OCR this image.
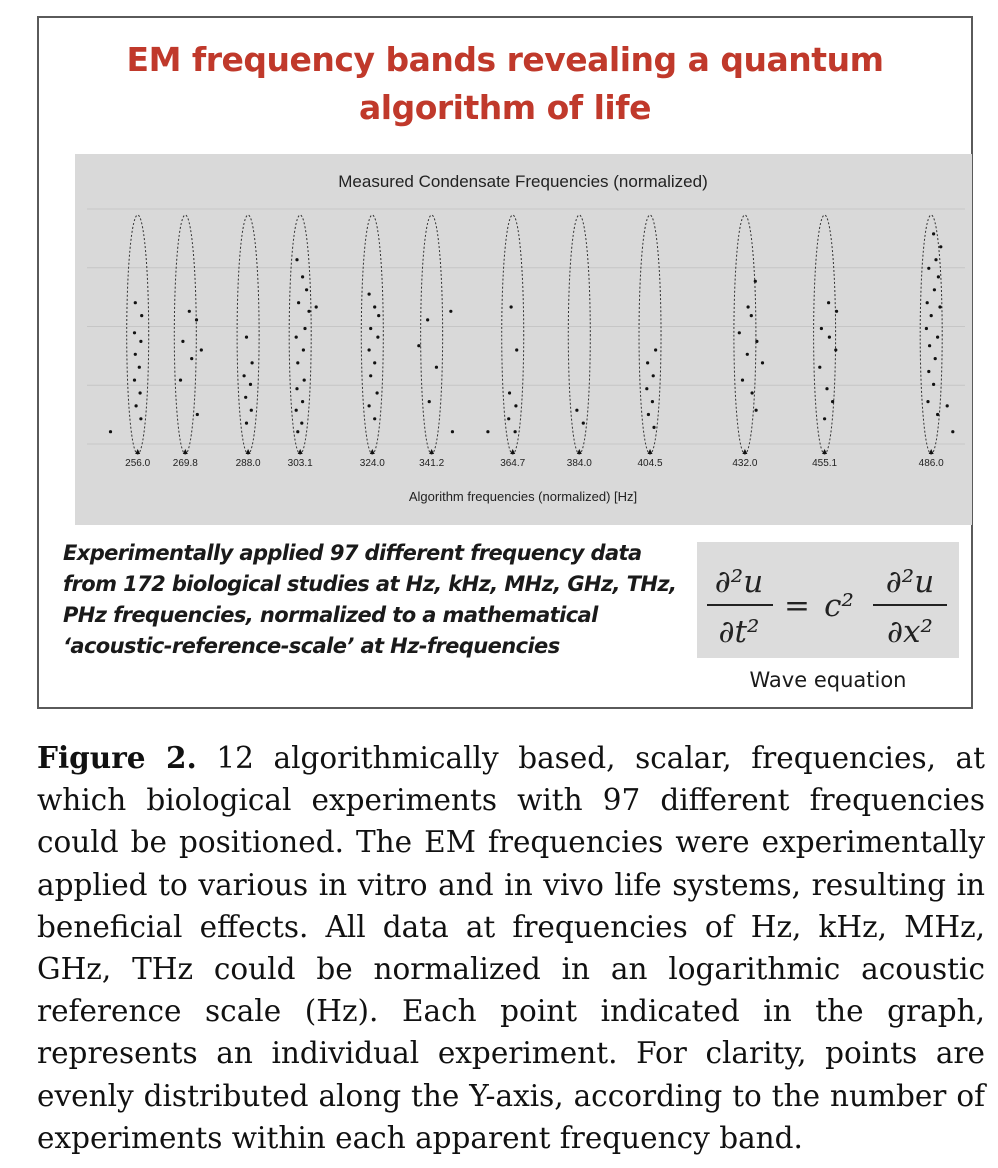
EM frequency bands revealing a quantum
algorithm of life
Measured Condensate Frequencies (normalized)
256.0 269.8	288.0	303.1	324.0	341.2	364.7	384.0	404.5	432.0	455.1	486.0
Algorithm frequencies (normalized) [Hz]
Experimentally applied 97 different frequency data from 172 biological studies at Hz, kHz, MHz, GHz, THz, PHz frequencies, normalized to a mathematical ‘acoustic-reference-scale’ at Hz-frequencies
∂²u
∂t²
= c²
∂²u
∂x²
Wave equation
Figure 2. 12 algorithmically based, scalar, frequencies, at which biological experiments with 97 different frequencies could be positioned. The EM frequencies were experimentally applied to various in vitro and in vivo life systems, resulting in beneficial effects. All data at frequencies of Hz, kHz, MHz, GHz, THz could be normalized in an logarithmic acoustic reference scale (Hz). Each point indicated in the graph, represents an individual experiment. For clarity, points are evenly distributed along the Y-axis, according to the number of experiments within each apparent frequency band.
